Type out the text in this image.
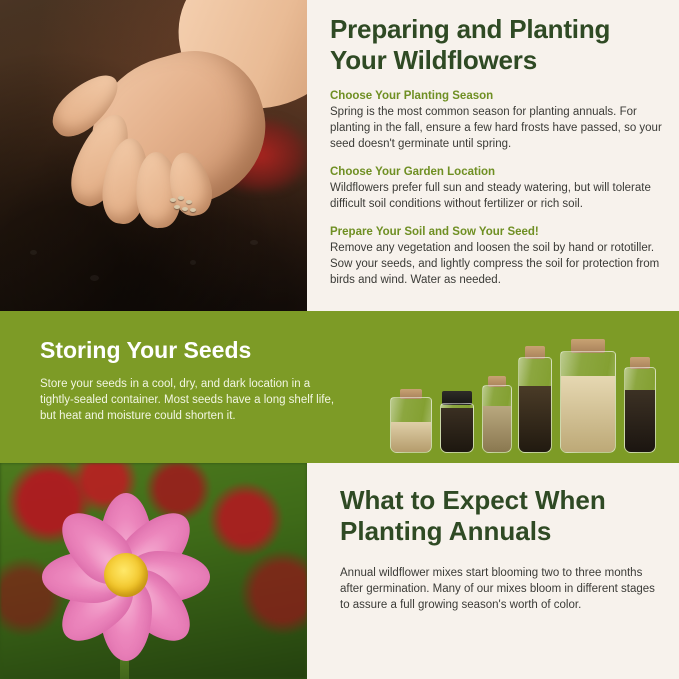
Preparing and Planting Your Wildflowers
Choose Your Planting Season
Spring is the most common season for planting annuals. For planting in the fall, ensure a few hard frosts have passed, so your seed doesn't germinate until spring.
Choose Your Garden Location
Wildflowers prefer full sun and steady watering, but will tolerate difficult soil conditions without fertilizer or rich soil.
Prepare Your Soil and Sow Your Seed!
Remove any vegetation and loosen the soil by hand or rototiller. Sow your seeds, and lightly compress the soil for protection from birds and wind. Water as needed.
Storing Your Seeds
Store your seeds in a cool, dry, and dark location in a tightly-sealed container. Most seeds have a long shelf life, but heat and moisture could shorten it.
What to Expect When Planting Annuals
Annual wildflower mixes start blooming two to three months after germination. Many of our mixes bloom in different stages to assure a full growing season's worth of color.
